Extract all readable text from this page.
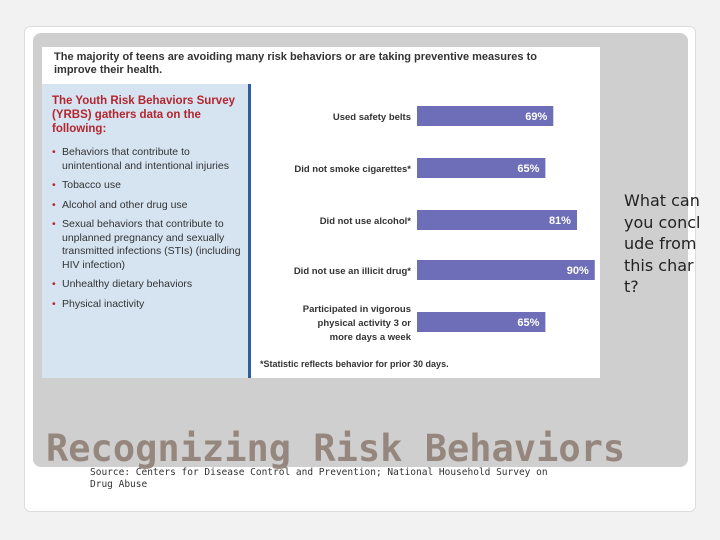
The majority of teens are avoiding many risk behaviors or are taking preventive measures to improve their health.
The Youth Risk Behaviors Survey (YRBS) gathers data on the following:
• Behaviors that contribute to unintentional and intentional injuries
• Tobacco use
• Alcohol and other drug use
• Sexual behaviors that contribute to unplanned pregnancy and sexually transmitted infections (STIs) (including HIV infection)
• Unhealthy dietary behaviors
• Physical inactivity
69%
Used safety belts
65%
Did not smoke cigarettes*
81%
Did not use alcohol*
90%
Did not use an illicit drug*
65%
Participated in vigorous physical activity 3 or more days a week
*Statistic reflects behavior for prior 30 days.
What can you conclude from this chart?
Recognizing Risk Behaviors
Source: Centers for Disease Control and Prevention; National Household Survey on Drug Abuse
